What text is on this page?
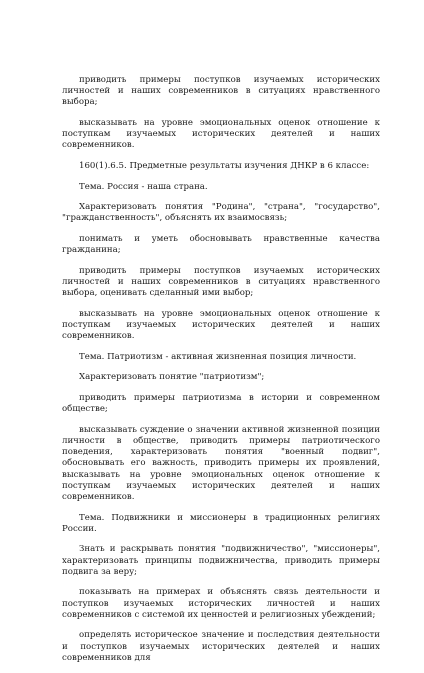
приводить примеры поступков изучаемых исторических личностей и наших современников в ситуациях нравственного выбора;

высказывать на уровне эмоциональных оценок отношение к поступкам изучаемых исторических деятелей и наших современников.

160(1).6.5. Предметные результаты изучения ДНКР в 6 классе:

Тема. Россия - наша страна.

Характеризовать понятия "Родина", "страна", "государство", "гражданственность", объяснять их взаимосвязь;

понимать и уметь обосновывать нравственные качества гражданина;

приводить примеры поступков изучаемых исторических личностей и наших современников в ситуациях нравственного выбора, оценивать сделанный ими выбор;

высказывать на уровне эмоциональных оценок отношение к поступкам изучаемых исторических деятелей и наших современников.

Тема. Патриотизм - активная жизненная позиция личности.

Характеризовать понятие "патриотизм";

приводить примеры патриотизма в истории и современном обществе;

высказывать суждение о значении активной жизненной позиции личности в обществе, приводить примеры патриотического поведения, характеризовать понятия "военный подвиг", обосновывать его важность, приводить примеры их проявлений, высказывать на уровне эмоциональных оценок отношение к поступкам изучаемых исторических деятелей и наших современников.

Тема. Подвижники и миссионеры в традиционных религиях России.

Знать и раскрывать понятия "подвижничество", "миссионеры", характеризовать принципы подвижничества, приводить примеры подвига за веру;

показывать на примерах и объяснять связь деятельности и поступков изучаемых исторических личностей и наших современников с системой их ценностей и религиозных убеждений;

определять историческое значение и последствия деятельности и поступков изучаемых исторических деятелей и наших современников для
